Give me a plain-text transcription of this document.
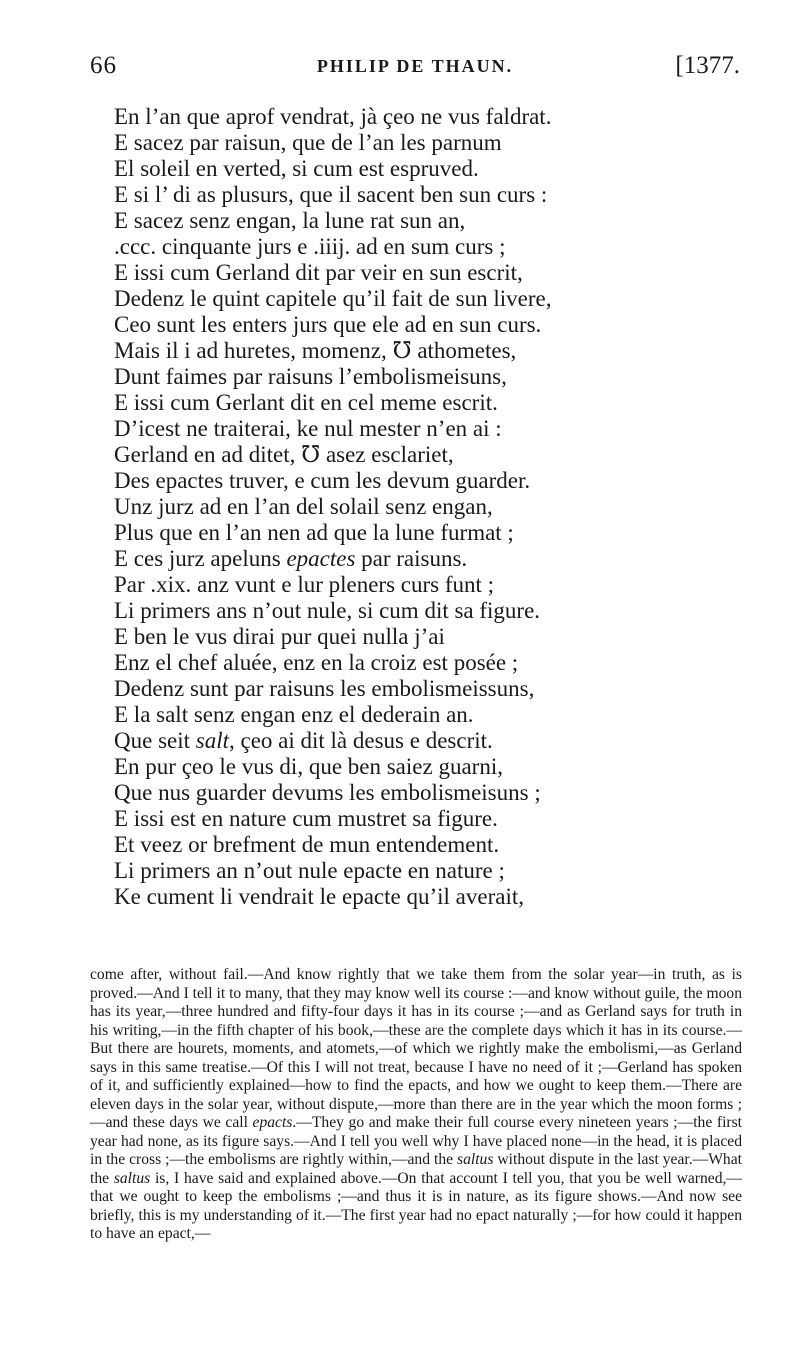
66	PHILIP DE THAUN.	[1377.
En l’an que aprof vendrat, jà çeo ne vus faldrat.
E sacez par raisun, que de l’an les parnum
El soleil en verted, si cum est espruved.
E si l’ di as plusurs, que il sacent ben sun curs :
E sacez senz engan, la lune rat sun an,
.ccc. cinquante jurs e .iiij. ad en sum curs ;
E issi cum Gerland dit par veir en sun escrit,
Dedenz le quint capitele qu’il fait de sun livere,
Ceo sunt les enters jurs que ele ad en sun curs.
Mais il i ad huretes, momenz, ℧ athometes,
Dunt faimes par raisuns l’embolismeisuns,
E issi cum Gerlant dit en cel meme escrit.
D’icest ne traiterai, ke nul mester n’en ai :
Gerland en ad ditet, ℧ asez esclariet,
Des epactes truver, e cum les devum guarder.
Unz jurz ad en l’an del solail senz engan,
Plus que en l’an nen ad que la lune furmat ;
E ces jurz apeluns epactes par raisuns.
Par .xix. anz vunt e lur pleners curs funt ;
Li primers ans n’out nule, si cum dit sa figure.
E ben le vus dirai pur quei nulla j’ai
Enz el chef aluée, enz en la croiz est posée ;
Dedenz sunt par raisuns les embolismeissuns,
E la salt senz engan enz el dederain an.
Que seit salt, çeo ai dit là desus e descrit.
En pur çeo le vus di, que ben saiez guarni,
Que nus guarder devums les embolismeisuns ;
E issi est en nature cum mustret sa figure.
Et veez or brefment de mun entendement.
Li primers an n’out nule epacte en nature ;
Ke cument li vendrait le epacte qu’il averait,
come after, without fail.—And know rightly that we take them from the solar year—in truth, as is proved.—And I tell it to many, that they may know well its course :—and know without guile, the moon has its year,—three hundred and fifty-four days it has in its course ;—and as Gerland says for truth in his writing,—in the fifth chapter of his book,—these are the complete days which it has in its course.—But there are hourets, moments, and atomets,—of which we rightly make the embolismi,—as Gerland says in this same treatise.—Of this I will not treat, because I have no need of it ;—Gerland has spoken of it, and sufficiently explained—how to find the epacts, and how we ought to keep them.—There are eleven days in the solar year, without dispute,—more than there are in the year which the moon forms ;—and these days we call epacts.—They go and make their full course every nineteen years ;—the first year had none, as its figure says.—And I tell you well why I have placed none—in the head, it is placed in the cross ;—the embolisms are rightly within,—and the saltus without dispute in the last year.—What the saltus is, I have said and explained above.—On that account I tell you, that you be well warned,—that we ought to keep the embolisms ;—and thus it is in nature, as its figure shows.—And now see briefly, this is my understanding of it.—The first year had no epact naturally ;—for how could it happen to have an epact,—
